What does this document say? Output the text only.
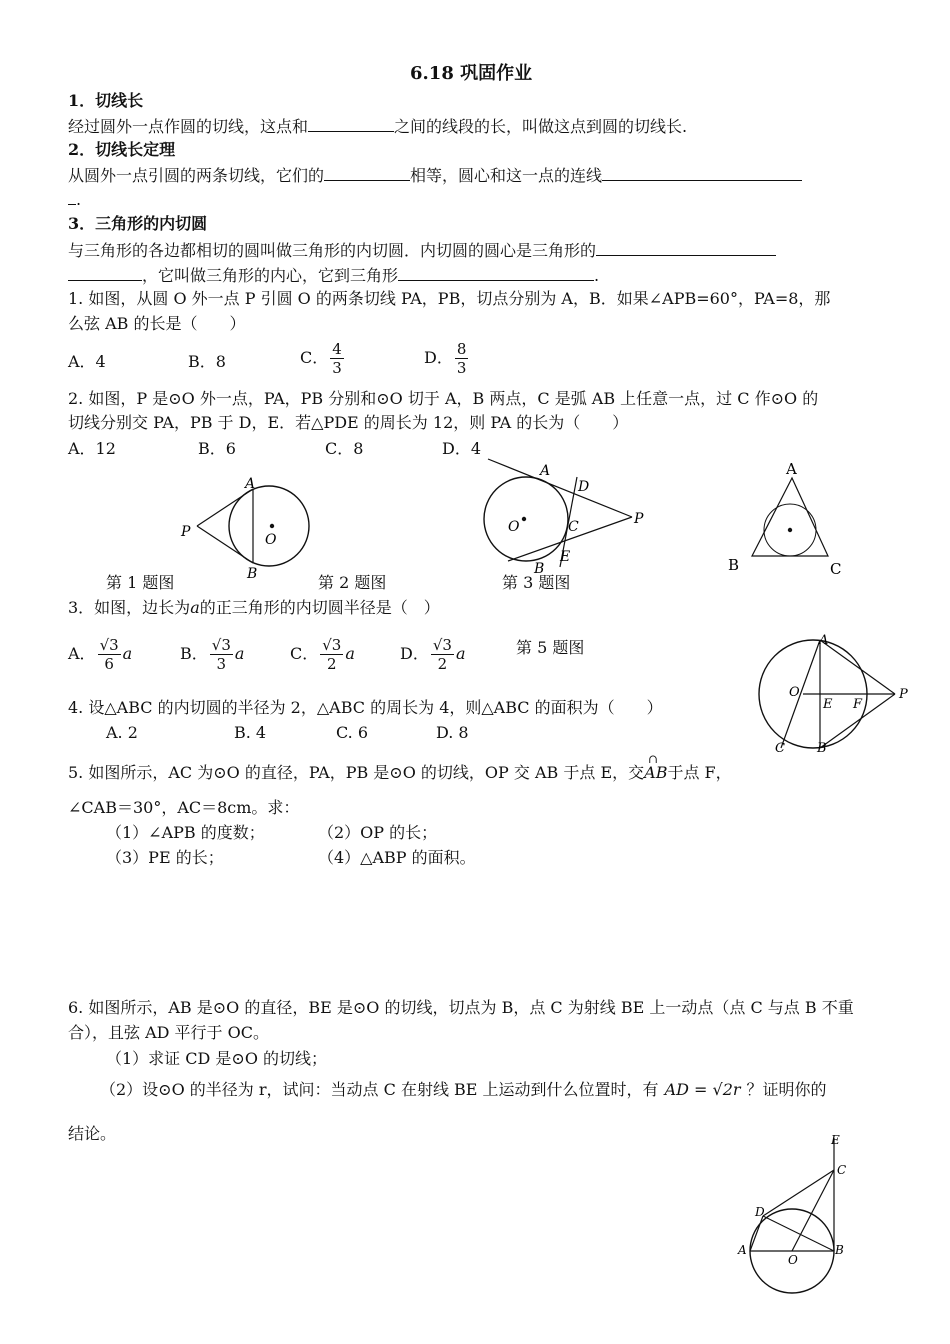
6.18 巩固作业
1．切线长
经过圆外一点作圆的切线，这点和	之间的线段的长，叫做这点到圆的切线长.
2．切线长定理
从圆外一点引圆的两条切线，它们的	相等，圆心和这一点的连线
.
3．三角形的内切圆
与三角形的各边都相切的圆叫做三角形的内切圆．内切圆的圆心是三角形的
，它叫做三角形的内心，它到三角形	.
1. 如图，从圆 O 外一点 P 引圆 O 的两条切线 PA，PB，切点分别为 A，B．如果∠APB=60°，PA=8，那
么弦 AB 的长是（　　）
A．4	B．8	C． $\frac{4}{3}$	D． $\frac{8}{3}$
2. 如图，P 是⊙O 外一点，PA，PB 分别和⊙O 切于 A，B 两点，C 是弧 AB 上任意一点，过 C 作⊙O 的
切线分别交 PA，PB 于 D，E．若△PDE 的周长为 12，则 PA 的长为（　　）
A．12	B．6	C．8	D．4
A
B
P	O
A
D
C
E
B
O	P
A
B	C
第 1 题图	第 2 题图	第 3 题图
3．如图，边长为a的正三角形的内切圆半径是（　）
A． $\frac{√3}{6}$ a	B． $\frac{√3}{3}$ a	C． $\frac{√3}{2}$ a	D． $\frac{√3}{2}$ a	第 5 题图	A
O
E F
P
C B
4. 设△ABC 的内切圆的半径为 2，△ABC 的周长为 4，则△ABC 的面积为（　　）
A. 2	B. 4	C. 6	D. 8
5. 如图所示，AC 为⊙O 的直径，PA，PB 是⊙O 的切线，OP 交 AB 于点 E，交
∩
AB于点 F，
∠CAB＝30°，AC＝8cm。求：
（1）∠APB 的度数；	（2）OP 的长；
（3）PE 的长；	（4）△ABP 的面积。
6. 如图所示，AB 是⊙O 的直径，BE 是⊙O 的切线，切点为 B，点 C 为射线 BE 上一动点（点 C 与点 B 不重
合），且弦 AD 平行于 OC。
（1）求证 CD 是⊙O 的切线；
（2）设⊙O 的半径为 r，试问：当动点 C 在射线 BE 上运动到什么位置时，有 AD = √2r ？证明你的
结论。	E
C
D
A
O
B
